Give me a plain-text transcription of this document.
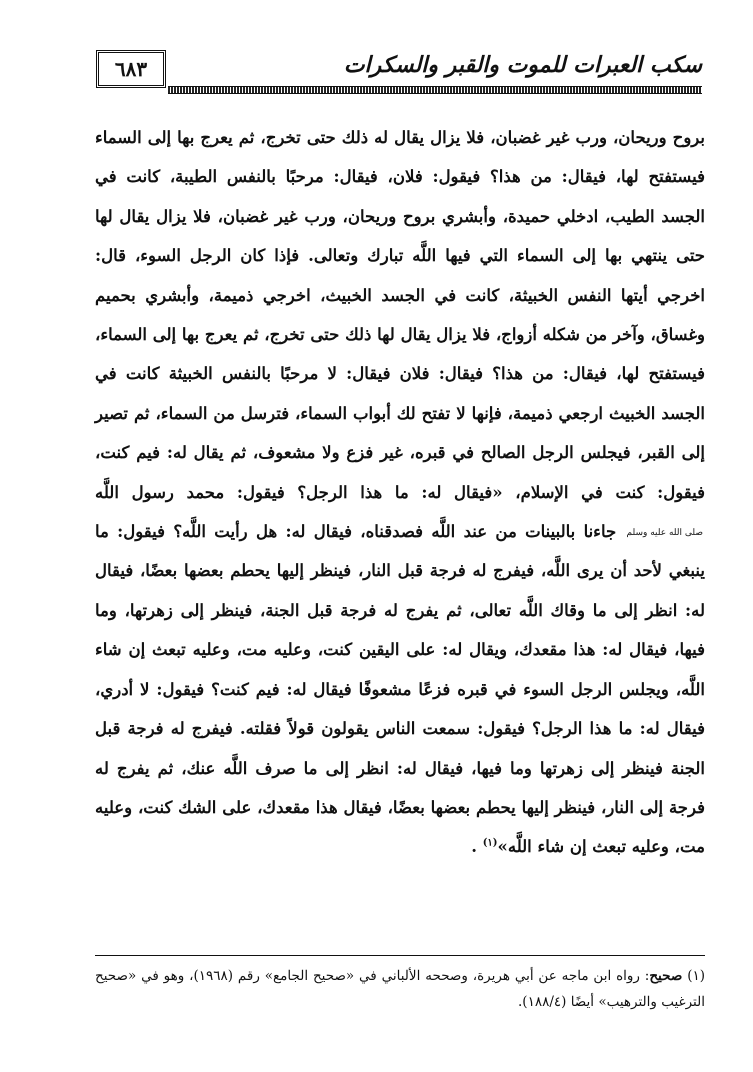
٦٨٣	سكب العبرات للموت والقبر والسكرات

بروح وريحان، ورب غير غضبان، فلا يزال يقال له ذلك حتى تخرج، ثم يعرج بها إلى السماء فيستفتح لها، فيقال: من هذا؟ فيقول: فلان، فيقال: مرحبًا بالنفس الطيبة، كانت في الجسد الطيب، ادخلي حميدة، وأبشري بروح وريحان، ورب غير غضبان، فلا يزال يقال لها حتى ينتهي بها إلى السماء التي فيها اللَّه تبارك وتعالى. فإذا كان الرجل السوء، قال: اخرجي أيتها النفس الخبيثة، كانت في الجسد الخبيث، اخرجي ذميمة، وأبشري بحميم وغساق، وآخر من شكله أزواج، فلا يزال يقال لها ذلك حتى تخرج، ثم يعرج بها إلى السماء، فيستفتح لها، فيقال: من هذا؟ فيقال: فلان فيقال: لا مرحبًا بالنفس الخبيثة كانت في الجسد الخبيث ارجعي ذميمة، فإنها لا تفتح لك أبواب السماء، فترسل من السماء، ثم تصير إلى القبر، فيجلس الرجل الصالح في قبره، غير فزع ولا مشعوف، ثم يقال له: فيم كنت، فيقول: كنت في الإسلام، «فيقال له: ما هذا الرجل؟ فيقول: محمد رسول اللَّه صلى الله عليه وسلم جاءنا بالبينات من عند اللَّه فصدقناه، فيقال له: هل رأيت اللَّه؟ فيقول: ما ينبغي لأحد أن يرى اللَّه، فيفرج له فرجة قبل النار، فينظر إليها يحطم بعضها بعضًا، فيقال له: انظر إلى ما وقاك اللَّه تعالى، ثم يفرج له فرجة قبل الجنة، فينظر إلى زهرتها، وما فيها، فيقال له: هذا مقعدك، ويقال له: على اليقين كنت، وعليه مت، وعليه تبعث إن شاء اللَّه، ويجلس الرجل السوء في قبره فزعًا مشعوفًا فيقال له: فيم كنت؟ فيقول: لا أدري، فيقال له: ما هذا الرجل؟ فيقول: سمعت الناس يقولون قولاً فقلته. فيفرج له فرجة قبل الجنة فينظر إلى زهرتها وما فيها، فيقال له: انظر إلى ما صرف اللَّه عنك، ثم يفرج له فرجة إلى النار، فينظر إليها يحطم بعضها بعضًا، فيقال هذا مقعدك، على الشك كنت، وعليه مت، وعليه تبعث إن شاء اللَّه»$^{(١)}$ .

(١) صحيح: رواه ابن ماجه عن أبي هريرة، وصححه الألباني في «صحيح الجامع» رقم (١٩٦٨)، وهو في «صحيح الترغيب والترهيب» أيضًا (١٨٨/٤).
